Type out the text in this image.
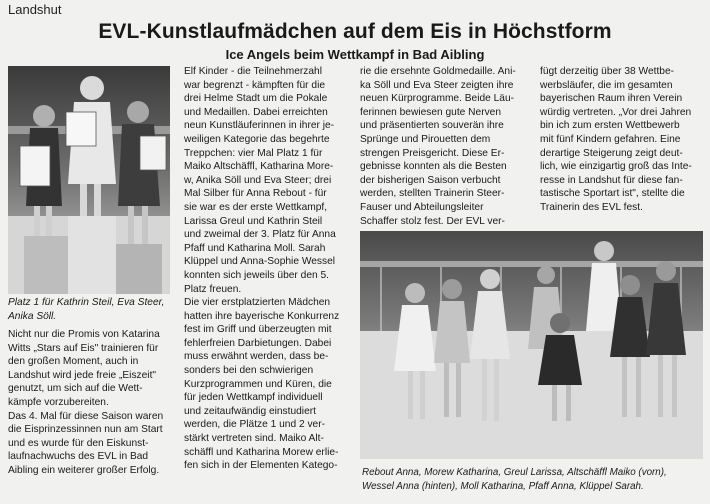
Landshut
EVL-Kunstlaufmädchen auf dem Eis in Höchstform
Ice Angels beim Wettkampf in Bad Aibling
Platz 1 für Kathrin Steil, Eva Steer,
Anika Söll.

Nicht nur die Promis von Katarina

Witts „Stars auf Eis" trainieren für

den großen Moment, auch in

Landshut wird jede freie „Eiszeit"

genutzt, um sich auf die Wett-

kämpfe vorzubereiten.

Das 4. Mal für diese Saison waren

die Eisprinzessinnen nun am Start

und es wurde für den Eiskunst-

laufnachwuchs des EVL in Bad

Aibling ein weiterer großer Erfolg.

Elf Kinder - die Teilnehmerzahl

war begrenzt - kämpften für die

drei Helme Stadt um die Pokale

und Medaillen. Dabei erreichten

neun Kunstläuferinnen in ihrer je-

weiligen Kategorie das begehrte

Treppchen: vier Mal Platz 1 für

Maiko Altschäffl, Katharina More-

w, Anika Söll und Eva Steer; drei

Mal Silber für Anna Rebout - für

sie war es der erste Wettkampf,

Larissa Greul und Kathrin Steil

und zweimal der 3. Platz für Anna

Pfaff und Katharina Moll. Sarah

Klüppel und Anna-Sophie Wessel

konnten sich jeweils über den 5.

Platz freuen.

Die vier erstplatzierten Mädchen

hatten ihre bayerische Konkurrenz

fest im Griff und überzeugten mit

fehlerfreien Darbietungen. Dabei

muss erwähnt werden, dass be-

sonders bei den schwierigen

Kurzprogrammen und Küren, die

für jeden Wettkampf individuell

und zeitaufwändig einstudiert

werden, die Plätze 1 und 2 ver-

stärkt vertreten sind. Maiko Alt-

schäffl und Katharina Morew erlie-

fen sich in der Elementen Katego-

rie die ersehnte Goldmedaille. Ani-

ka Söll und Eva Steer zeigten ihre

neuen Kürprogramme. Beide Läu-

ferinnen bewiesen gute Nerven

und präsentierten souverän ihre

Sprünge und Pirouetten dem

strengen Preisgericht. Diese Er-

gebnisse konnten als die Besten

der bisherigen Saison verbucht

werden, stellten Trainerin Steer-

Fauser und Abteilungsleiter

Schaffer stolz fest. Der EVL ver-

fügt derzeitig über 38 Wettbe-

werbsläufer, die im gesamten

bayerischen Raum ihren Verein

würdig vertreten. „Vor drei Jahren

bin ich zum ersten Wettbewerb

mit fünf Kindern gefahren. Eine

derartige Steigerung zeigt deut-

lich, wie einzigartig groß das Inte-

resse in Landshut für diese fan-

tastische Sportart ist", stellte die

Trainerin des EVL fest.

Rebout Anna, Morew Katharina, Greul Larissa, Altschäffl Maiko (vorn),
Wessel Anna (hinten), Moll Katharina, Pfaff Anna, Klüppel Sarah.
